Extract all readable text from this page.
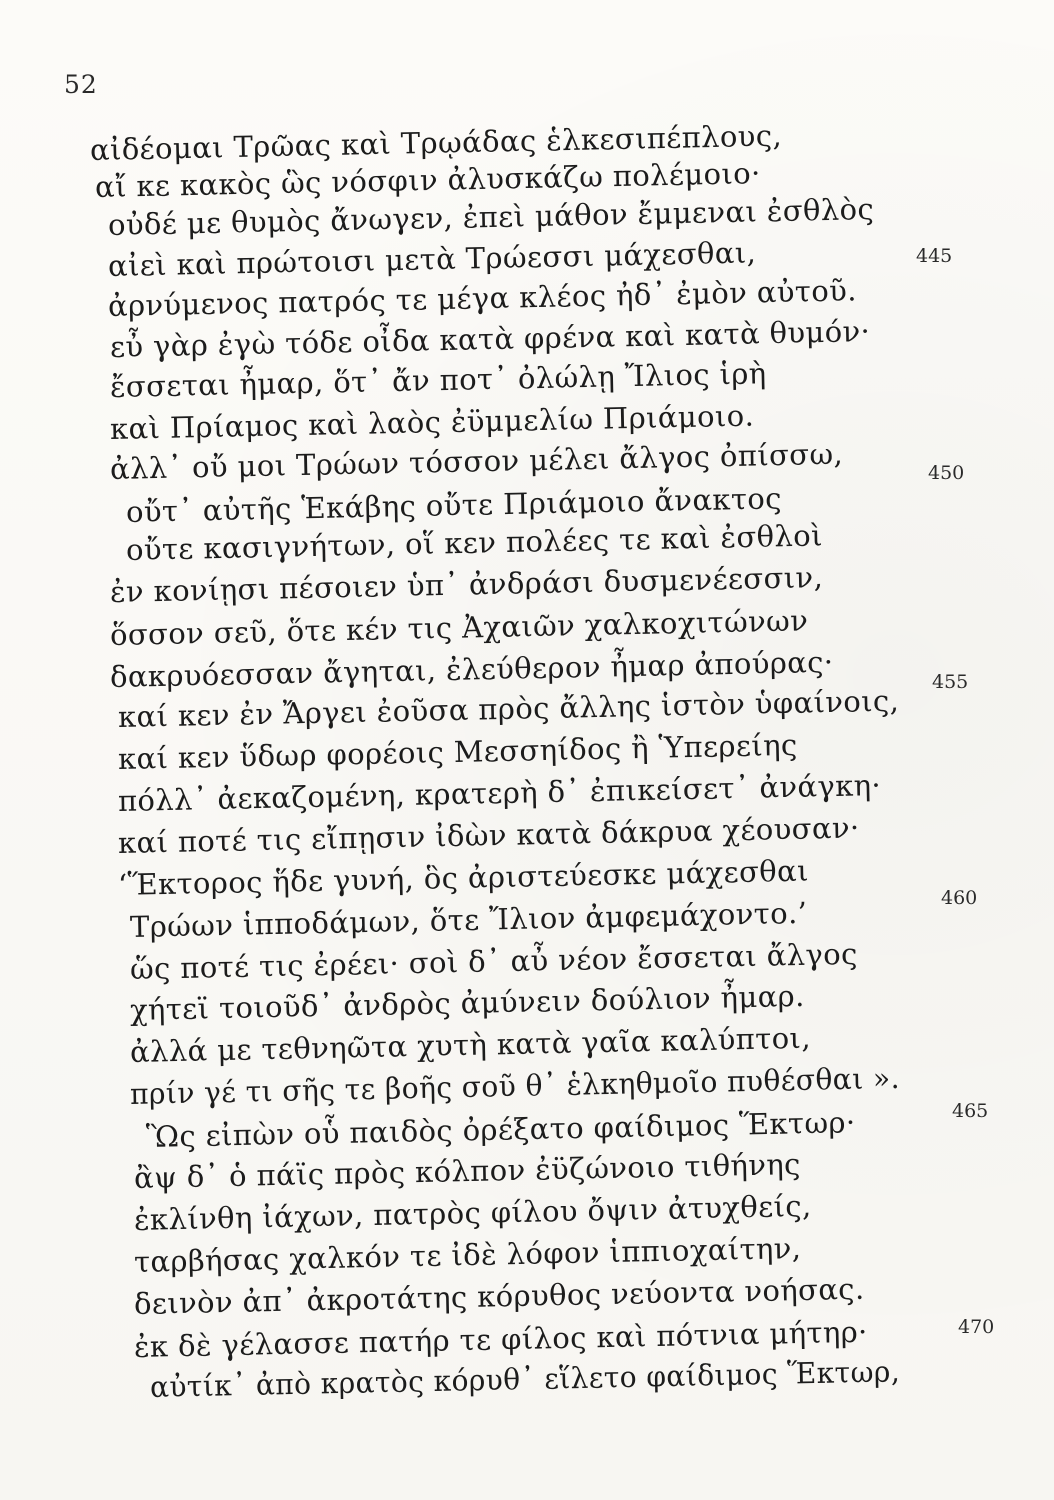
52
αἰδέομαι Τρῶας καὶ Τρῳάδας ἑλκεσιπέπλους,
αἴ κε κακὸς ὣς νόσφιν ἀλυσκάζω πολέμοιο·
οὐδέ με θυμὸς ἄνωγεν, ἐπεὶ μάθον ἔμμεναι ἐσθλὸς
αἰεὶ καὶ πρώτοισι μετὰ Τρώεσσι μάχεσθαι,
ἀρνύμενος πατρός τε μέγα κλέος ἠδ᾽ ἐμὸν αὐτοῦ.
εὖ γὰρ ἐγὼ τόδε οἶδα κατὰ φρένα καὶ κατὰ θυμόν·
ἔσσεται ἦμαρ, ὅτ᾽ ἄν ποτ᾽ ὀλώλῃ Ἴλιος ἱρὴ
καὶ Πρίαμος καὶ λαὸς ἐϋμμελίω Πριάμοιο.
ἀλλ᾽ οὔ μοι Τρώων τόσσον μέλει ἄλγος ὀπίσσω,
οὔτ᾽ αὐτῆς Ἑκάβης οὔτε Πριάμοιο ἄνακτος
οὔτε κασιγνήτων, οἵ κεν πολέες τε καὶ ἐσθλοὶ
ἐν κονίῃσι πέσοιεν ὑπ᾽ ἀνδράσι δυσμενέεσσιν,
ὅσσον σεῦ, ὅτε κέν τις Ἀχαιῶν χαλκοχιτώνων
δακρυόεσσαν ἄγηται, ἐλεύθερον ἦμαρ ἀπούρας·
καί κεν ἐν Ἄργει ἐοῦσα πρὸς ἄλλης ἱστὸν ὑφαίνοις,
καί κεν ὕδωρ φορέοις Μεσσηίδος ἢ Ὑπερείης
πόλλ᾽ ἀεκαζομένη, κρατερὴ δ᾽ ἐπικείσετ᾽ ἀνάγκη·
καί ποτέ τις εἴπῃσιν ἰδὼν κατὰ δάκρυα χέουσαν·
‘Ἕκτορος ἥδε γυνή, ὃς ἀριστεύεσκε μάχεσθαι
Τρώων ἱπποδάμων, ὅτε Ἴλιον ἀμφεμάχοντο.’
ὥς ποτέ τις ἐρέει· σοὶ δ᾽ αὖ νέον ἔσσεται ἄλγος
χήτεϊ τοιοῦδ᾽ ἀνδρὸς ἀμύνειν δούλιον ἦμαρ.
ἀλλά με τεθνηῶτα χυτὴ κατὰ γαῖα καλύπτοι,
πρίν γέ τι σῆς τε βοῆς σοῦ θ᾽ ἑλκηθμοῖο πυθέσθαι ».
Ὣς εἰπὼν οὗ παιδὸς ὀρέξατο φαίδιμος Ἕκτωρ·
ἂψ δ᾽ ὁ πάϊς πρὸς κόλπον ἐϋζώνοιο τιθήνης
ἐκλίνθη ἰάχων, πατρὸς φίλου ὄψιν ἀτυχθείς,
ταρβήσας χαλκόν τε ἰδὲ λόφον ἱππιοχαίτην,
δεινὸν ἀπ᾽ ἀκροτάτης κόρυθος νεύοντα νοήσας.
ἐκ δὲ γέλασσε πατήρ τε φίλος καὶ πότνια μήτηρ·
αὐτίκ᾽ ἀπὸ κρατὸς κόρυθ᾽ εἵλετο φαίδιμος Ἕκτωρ,
445
450
455
460
465
470
